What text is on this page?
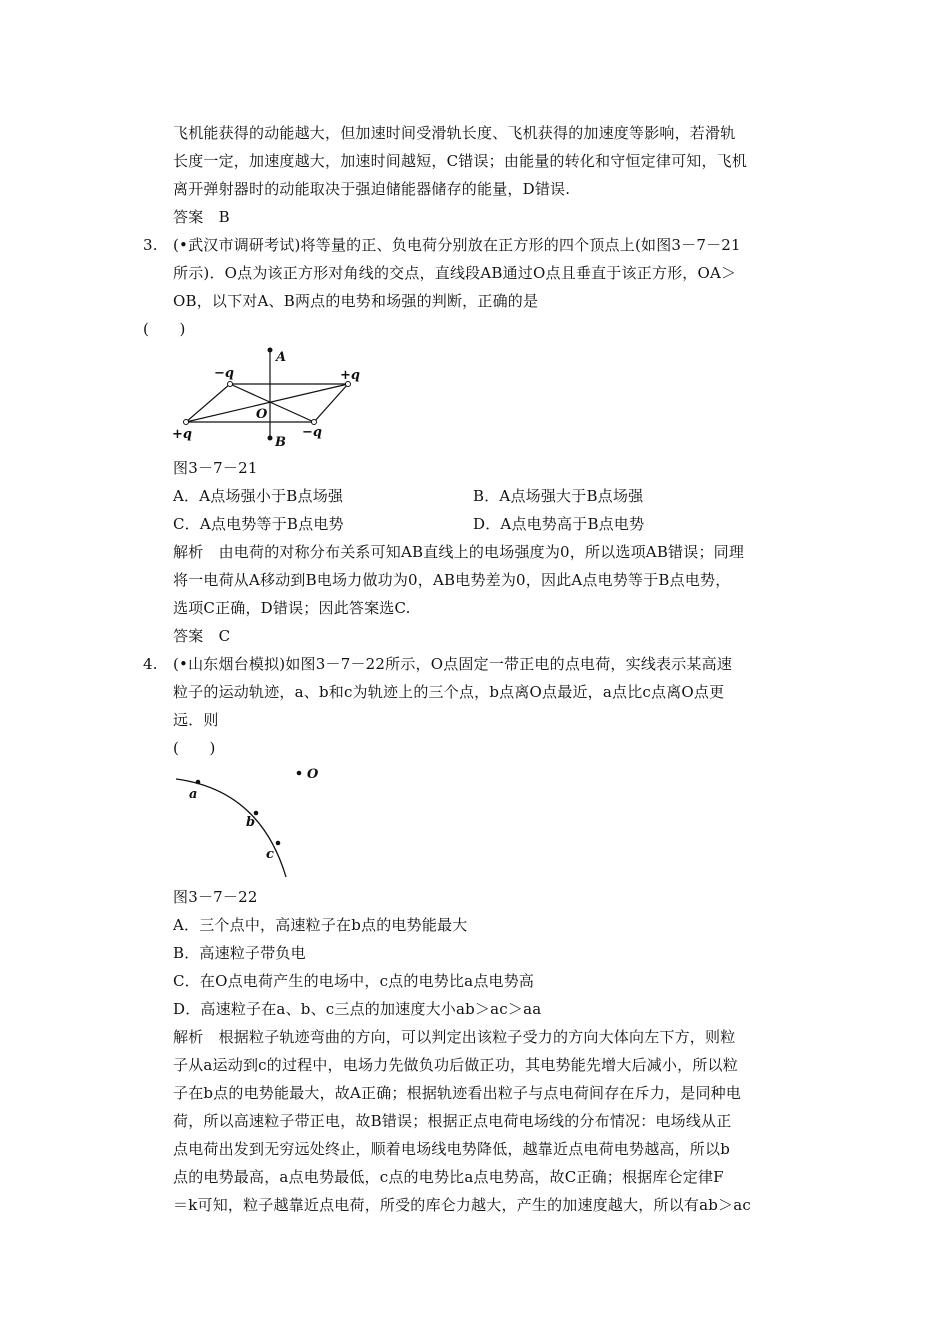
飞机能获得的动能越大，但加速时间受滑轨长度、飞机获得的加速度等影响，若滑轨
长度一定，加速度越大，加速时间越短，C错误；由能量的转化和守恒定律可知，飞机
离开弹射器时的动能取决于强迫储能器储存的能量，D错误.
答案　B
3. (•武汉市调研考试)将等量的正、负电荷分别放在正方形的四个顶点上(如图3－7－21
所示)．O点为该正方形对角线的交点，直线段AB通过O点且垂直于该正方形，OA＞
OB，以下对A、B两点的电势和场强的判断，正确的是
(　　)
A
B
O
−q	+q
+q	−q
图3－7－21
A．A点场强小于B点场强	B．A点场强大于B点场强
C．A点电势等于B点电势	D．A点电势高于B点电势
解析　由电荷的对称分布关系可知AB直线上的电场强度为0，所以选项AB错误；同理
将一电荷从A移动到B电场力做功为0，AB电势差为0，因此A点电势等于B点电势，
选项C正确，D错误；因此答案选C.
答案　C
4. (•山东烟台模拟)如图3－7－22所示，O点固定一带正电的点电荷，实线表示某高速
粒子的运动轨迹，a、b和c为轨迹上的三个点，b点离O点最近，a点比c点离O点更
远．则
(　　)
O
a
b
c
图3－7－22
A．三个点中，高速粒子在b点的电势能最大
B．高速粒子带负电
C．在O点电荷产生的电场中，c点的电势比a点电势高
D．高速粒子在a、b、c三点的加速度大小ab＞ac＞aa
解析　根据粒子轨迹弯曲的方向，可以判定出该粒子受力的方向大体向左下方，则粒
子从a运动到c的过程中，电场力先做负功后做正功，其电势能先增大后减小，所以粒
子在b点的电势能最大，故A正确；根据轨迹看出粒子与点电荷间存在斥力，是同种电
荷，所以高速粒子带正电，故B错误；根据正点电荷电场线的分布情况：电场线从正
点电荷出发到无穷远处终止，顺着电场线电势降低，越靠近点电荷电势越高，所以b
点的电势最高，a点电势最低，c点的电势比a点电势高，故C正确；根据库仑定律F
＝k可知，粒子越靠近点电荷，所受的库仑力越大，产生的加速度越大，所以有ab＞ac
